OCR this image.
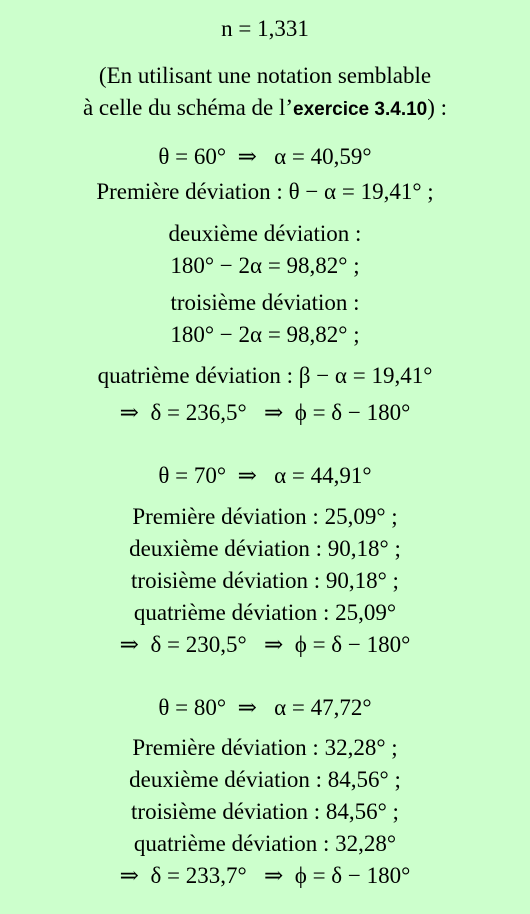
n = 1,331
(En utilisant une notation semblable
à celle du schéma de l’exercice 3.4.10) :
θ = 60°  ⇒   α = 40,59°
Première déviation : θ − α = 19,41° ;
deuxième déviation :
180° − 2α = 98,82° ;
troisième déviation :
180° − 2α = 98,82° ;
quatrième déviation : β − α = 19,41°
⇒  δ = 236,5°   ⇒  ϕ = δ − 180°
θ = 70°  ⇒   α = 44,91°
Première déviation : 25,09° ;
deuxième déviation : 90,18° ;
troisième déviation : 90,18° ;
quatrième déviation : 25,09°
⇒  δ = 230,5°   ⇒  ϕ = δ − 180°
θ = 80°  ⇒   α = 47,72°
Première déviation : 32,28° ;
deuxième déviation : 84,56° ;
troisième déviation : 84,56° ;
quatrième déviation : 32,28°
⇒  δ = 233,7°   ⇒  ϕ = δ − 180°
